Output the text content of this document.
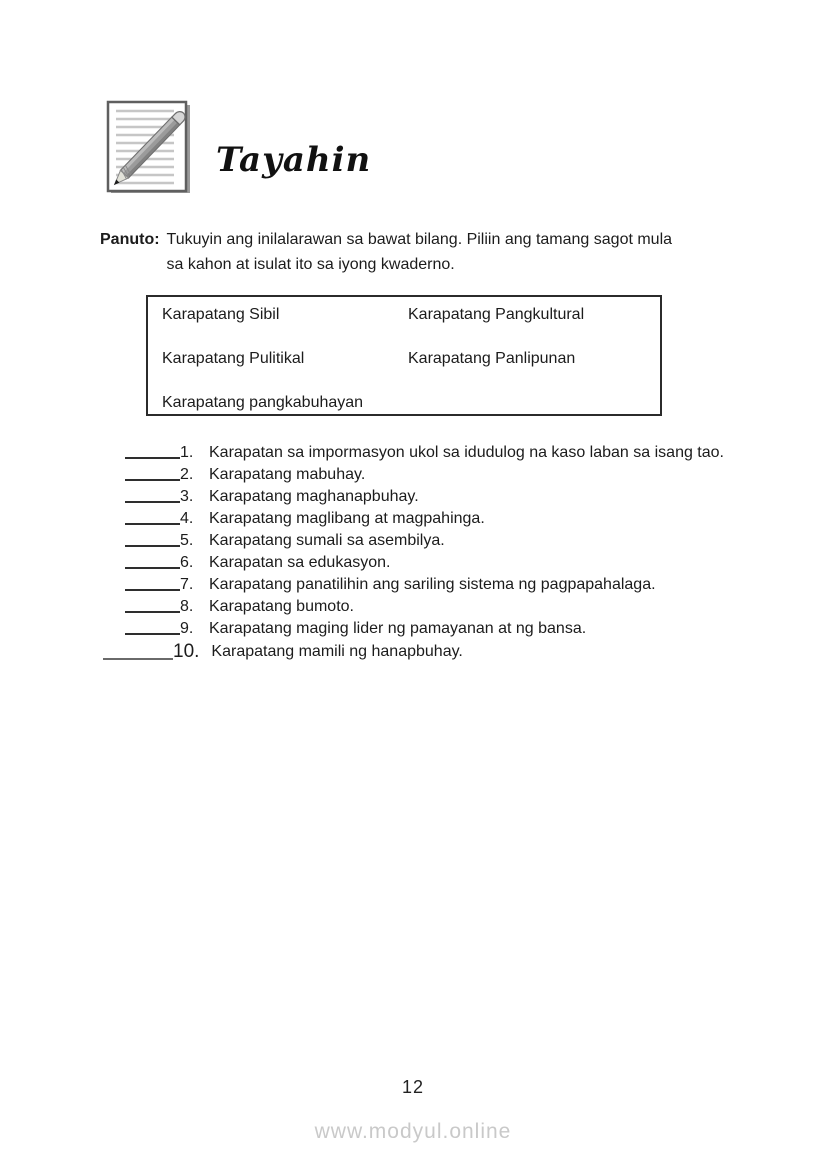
Tayahin
Panuto: Tukuyin ang inilalarawan sa bawat bilang. Piliin ang tamang sagot mula sa kahon at isulat ito sa iyong kwaderno.
Karapatang Sibil	Karapatang Pangkultural
Karapatang Pulitikal	Karapatang Panlipunan
Karapatang pangkabuhayan
1. Karapatan sa impormasyon ukol sa idudulog na kaso laban sa isang tao.
2. Karapatang mabuhay.
3. Karapatang maghanapbuhay.
4. Karapatang maglibang at magpahinga.
5. Karapatang sumali sa asembilya.
6. Karapatan sa edukasyon.
7. Karapatang panatilihin ang sariling sistema ng pagpapahalaga.
8. Karapatang bumoto.
9. Karapatang maging lider ng pamayanan at ng bansa.
10. Karapatang mamili ng hanapbuhay.
12
www.modyul.online
